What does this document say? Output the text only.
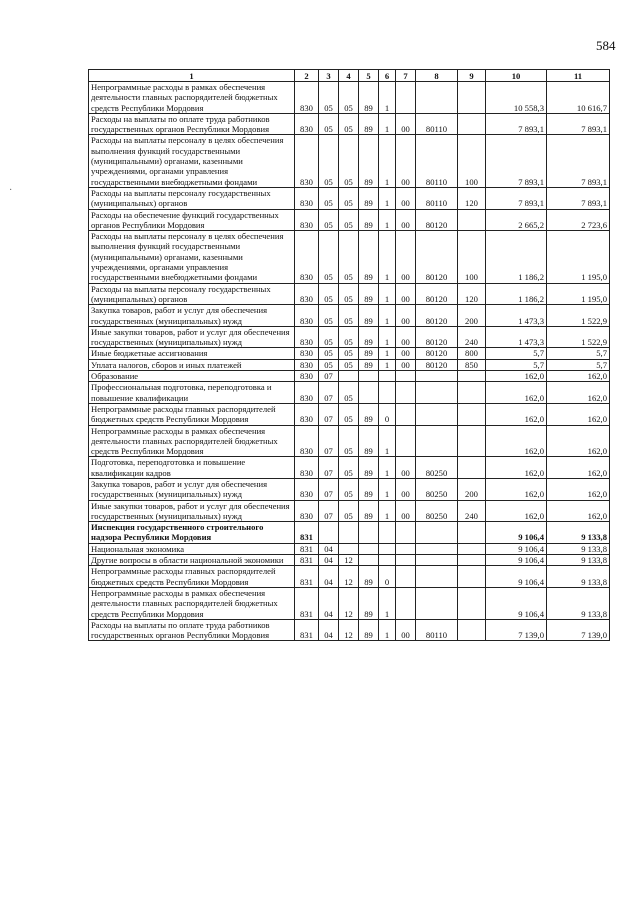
584
·
1	2	3	4	5	6	7	8	9	10	11
Непрограммные расходы в рамках обеспечения деятельности главных распорядителей бюджетных средств Республики Мордовия	830	05	05	89	1				10 558,3	10 616,7
Расходы на выплаты по оплате труда работников государственных органов Республики Мордовия	830	05	05	89	1	00	80110		7 893,1	7 893,1
Расходы на выплаты персоналу в целях обеспечения выполнения функций государственными (муниципальными) органами, казенными учреждениями, органами управления государственными внебюджетными фондами	830	05	05	89	1	00	80110	100	7 893,1	7 893,1
Расходы на выплаты персоналу государственных (муниципальных) органов	830	05	05	89	1	00	80110	120	7 893,1	7 893,1
Расходы на обеспечение функций государственных органов Республики Мордовия	830	05	05	89	1	00	80120		2 665,2	2 723,6
Расходы на выплаты персоналу в целях обеспечения выполнения функций государственными (муниципальными) органами, казенными учреждениями, органами управления государственными внебюджетными фондами	830	05	05	89	1	00	80120	100	1 186,2	1 195,0
Расходы на выплаты персоналу государственных (муниципальных) органов	830	05	05	89	1	00	80120	120	1 186,2	1 195,0
Закупка товаров, работ и услуг для обеспечения государственных (муниципальных) нужд	830	05	05	89	1	00	80120	200	1 473,3	1 522,9
Иные закупки товаров, работ и услуг для обеспечения государственных (муниципальных) нужд	830	05	05	89	1	00	80120	240	1 473,3	1 522,9
Иные бюджетные ассигнования	830	05	05	89	1	00	80120	800	5,7	5,7
Уплата налогов, сборов и иных платежей	830	05	05	89	1	00	80120	850	5,7	5,7
Образование	830	07							162,0	162,0
Профессиональная подготовка, переподготовка и повышение квалификации	830	07	05						162,0	162,0
Непрограммные расходы главных распорядителей бюджетных средств Республики Мордовия	830	07	05	89	0				162,0	162,0
Непрограммные расходы в рамках обеспечения деятельности главных распорядителей бюджетных средств Республики Мордовия	830	07	05	89	1				162,0	162,0
Подготовка, переподготовка и повышение квалификации кадров	830	07	05	89	1	00	80250		162,0	162,0
Закупка товаров, работ и услуг для обеспечения государственных (муниципальных) нужд	830	07	05	89	1	00	80250	200	162,0	162,0
Иные закупки товаров, работ и услуг для обеспечения государственных (муниципальных) нужд	830	07	05	89	1	00	80250	240	162,0	162,0
Инспекция государственного строительного надзора Республики Мордовия	831								9 106,4	9 133,8
Национальная экономика	831	04							9 106,4	9 133,8
Другие вопросы в области национальной экономики	831	04	12						9 106,4	9 133,8
Непрограммные расходы главных распорядителей бюджетных средств Республики Мордовия	831	04	12	89	0				9 106,4	9 133,8
Непрограммные расходы в рамках обеспечения деятельности главных распорядителей бюджетных средств Республики Мордовия	831	04	12	89	1				9 106,4	9 133,8
Расходы на выплаты по оплате труда работников государственных органов Республики Мордовия	831	04	12	89	1	00	80110		7 139,0	7 139,0
